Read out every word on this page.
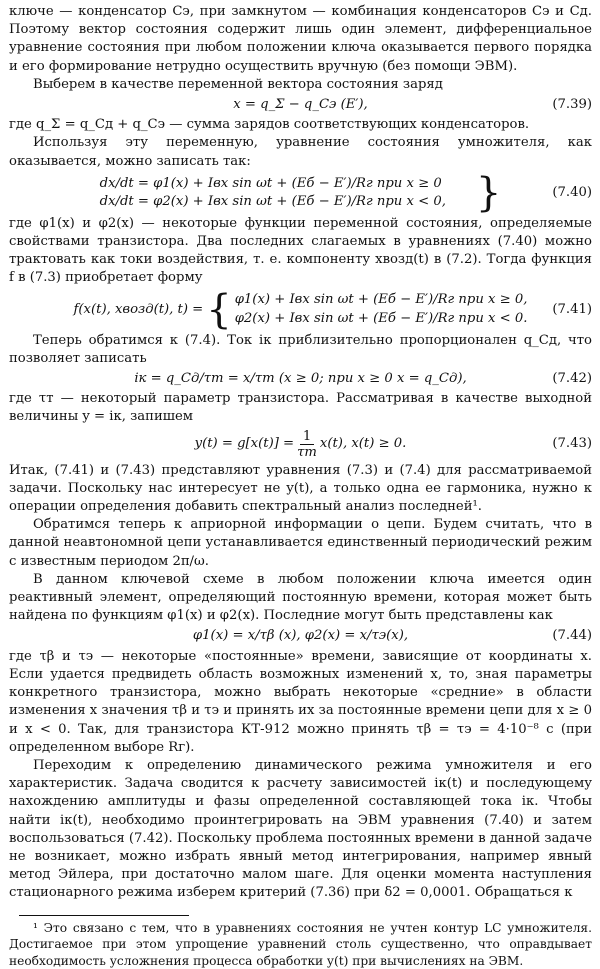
ключе — конденсатор Cэ, при замкнутом — комбинация конденсаторов Cэ и Cд. Поэтому вектор состояния содержит лишь один элемент, дифференциальное уравнение состояния при любом положении ключа оказывается первого порядка и его формирование нетрудно осуществить вручную (без помощи ЭВМ).

Выберем в качестве переменной вектора состояния заряд

x = q_Σ − q_Cэ (E′),	(7.39)

где q_Σ = q_Cд + q_Cэ — сумма зарядов соответствующих конденсаторов.

Используя эту переменную, уравнение состояния умножителя, как оказывается, можно записать так:

dx/dt = φ1(x) + Iвх sin ωt + (Eб − E′)/Rг при x ≥ 0
dx/dt = φ2(x) + Iвх sin ωt + (Eб − E′)/Rг при x < 0, }	(7.40)

где φ1(x) и φ2(x) — некоторые функции переменной состояния, определяемые свойствами транзистора. Два последних слагаемых в уравнениях (7.40) можно трактовать как токи воздействия, т. е. компоненту xвозд(t) в (7.2). Тогда функция f в (7.3) приобретает форму

f(x(t), xвозд(t), t) = { φ1(x) + Iвх sin ωt + (Eб − E′)/Rг при x ≥ 0,
φ2(x) + Iвх sin ωt + (Eб − E′)/Rг при x < 0.
(7.41)

Теперь обратимся к (7.4). Ток iк приблизительно пропорционален q_Cд, что позволяет записать

iк = q_Cд/τт = x/τт (x ≥ 0; при x ≥ 0 x = q_Cд),	(7.42)

где τт — некоторый параметр транзистора. Рассматривая в качестве выходной величины y = iк, запишем

$y(t) = g[x(t)] = \frac{1}{\tau т} x(t)$, x(t) ≥ 0.	(7.43)

Итак, (7.41) и (7.43) представляют уравнения (7.3) и (7.4) для рассматриваемой задачи. Поскольку нас интересует не y(t), а только одна ее гармоника, нужно к операции определения добавить спектральный анализ последней¹.

Обратимся теперь к априорной информации о цепи. Будем считать, что в данной неавтономной цепи устанавливается единственный периодический режим с известным периодом 2π/ω.

В данном ключевой схеме в любом положении ключа имеется один реактивный элемент, определяющий постоянную времени, которая может быть найдена по функциям φ1(x) и φ2(x). Последние могут быть представлены как

φ1(x) = x/τβ (x), φ2(x) = x/τэ(x),	(7.44)

где τβ и τэ — некоторые «постоянные» времени, зависящие от координаты x. Если удается предвидеть область возможных изменений x, то, зная параметры конкретного транзистора, можно выбрать некоторые «средние» в области изменения x значения τβ и τэ и принять их за постоянные времени цепи для x ≥ 0 и x < 0. Так, для транзистора КТ-912 можно принять τβ = τэ = 4·10⁻⁸ с (при определенном выборе Rг).

Переходим к определению динамического режима умножителя и его характеристик. Задача сводится к расчету зависимостей iк(t) и последующему нахождению амплитуды и фазы определенной составляющей тока iк. Чтобы найти iк(t), необходимо проинтегрировать на ЭВМ уравнения (7.40) и затем воспользоваться (7.42). Поскольку проблема постоянных времени в данной задаче не возникает, можно избрать явный метод интегрирования, например явный метод Эйлера, при достаточно малом шаге. Для оценки момента наступления стационарного режима изберем критерий (7.36) при δ2 = 0,0001. Обращаться к

¹ Это связано с тем, что в уравнениях состояния не учтен контур LC умножителя. Достигаемое при этом упрощение уравнений столь существенно, что оправдывает необходимость усложнения процесса обработки y(t) при вычислениях на ЭВМ.
